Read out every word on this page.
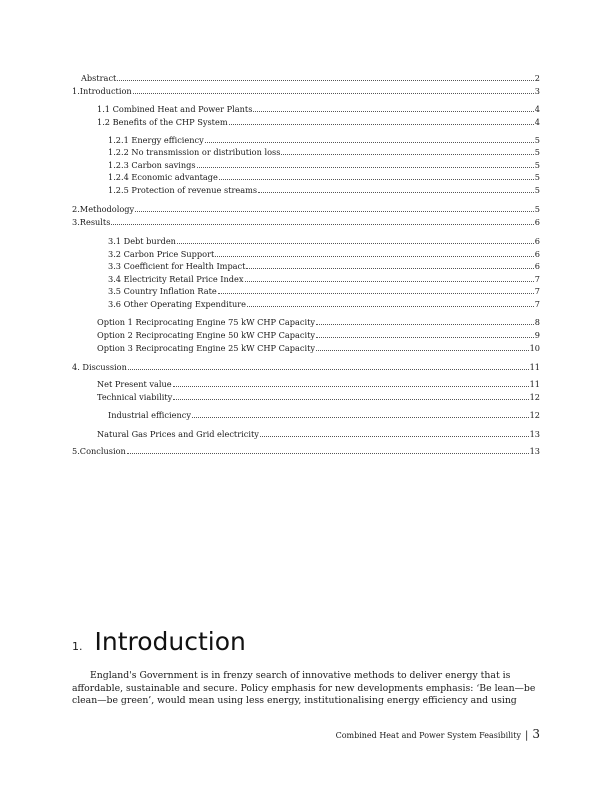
Abstract	2
1.Introduction	3
1.1 Combined Heat and Power Plants	4
1.2 Benefits of the CHP System	4
1.2.1 Energy efficiency	5
1.2.2 No transmission or distribution loss	5
1.2.3 Carbon savings	5
1.2.4 Economic advantage	5
1.2.5 Protection of revenue streams	5
2.Methodology	5
3.Results	6
3.1 Debt burden	6
3.2 Carbon Price Support	6
3.3 Coefficient for Health Impact	6
3.4 Electricity Retail Price Index	7
3.5 Country Inflation Rate	7
3.6 Other Operating Expenditure	7
Option 1 Reciprocating Engine 75 kW CHP Capacity	8
Option 2 Reciprocating Engine 50 kW CHP Capacity	9
Option 3 Reciprocating Engine 25 kW CHP Capacity	10
4. Discussion	11
Net Present value	11
Technical viability	12
Industrial efficiency	12
Natural Gas Prices and Grid electricity	13
5.Conclusion	13
1. Introduction

England's Government is in frenzy search of innovative methods to deliver energy that is affordable, sustainable and secure. Policy emphasis for new developments emphasis: ‘Be lean—be clean—be green’, would mean using less energy, institutionalising energy efficiency and using

Combined Heat and Power System Feasibility | 3
